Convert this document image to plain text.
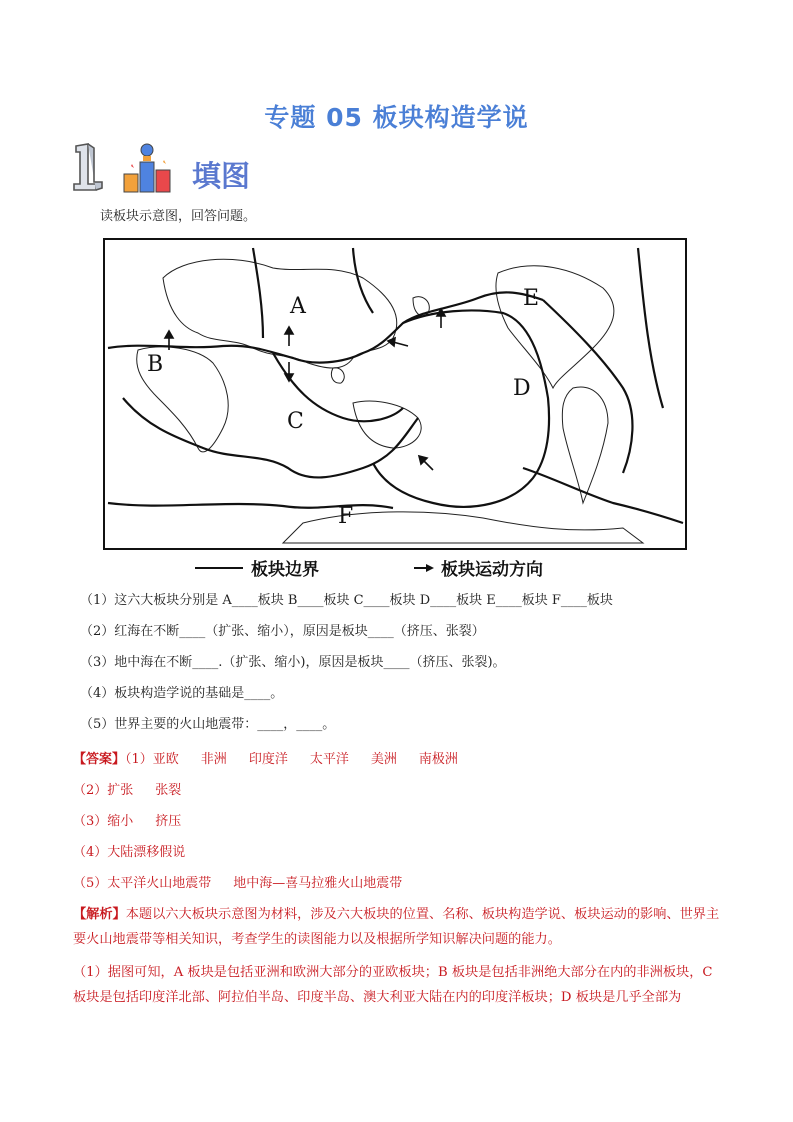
专题 05 板块构造学说
填图
读板块示意图，回答问题。
A
B
C
D
E
F
板块边界	板块运动方向
（1）这六大板块分别是 A____板块 B____板块 C____板块 D____板块 E____板块 F____板块
（2）红海在不断____（扩张、缩小），原因是板块____（挤压、张裂）
（3）地中海在不断____.（扩张、缩小)，原因是板块____（挤压、张裂)。
（4）板块构造学说的基础是____。
（5）世界主要的火山地震带：____，____。
【答案】（1）亚欧 非洲 印度洋 太平洋 美洲 南极洲
（2）扩张 张裂
（3）缩小 挤压
（4）大陆漂移假说
（5）太平洋火山地震带 地中海—喜马拉雅火山地震带
【解析】本题以六大板块示意图为材料，涉及六大板块的位置、名称、板块构造学说、板块运动的影响、世界主要火山地震带等相关知识，考查学生的读图能力以及根据所学知识解决问题的能力。
（1）据图可知，A 板块是包括亚洲和欧洲大部分的亚欧板块；B 板块是包括非洲绝大部分在内的非洲板块，C 板块是包括印度洋北部、阿拉伯半岛、印度半岛、澳大利亚大陆在内的印度洋板块；D 板块是几乎全部为
